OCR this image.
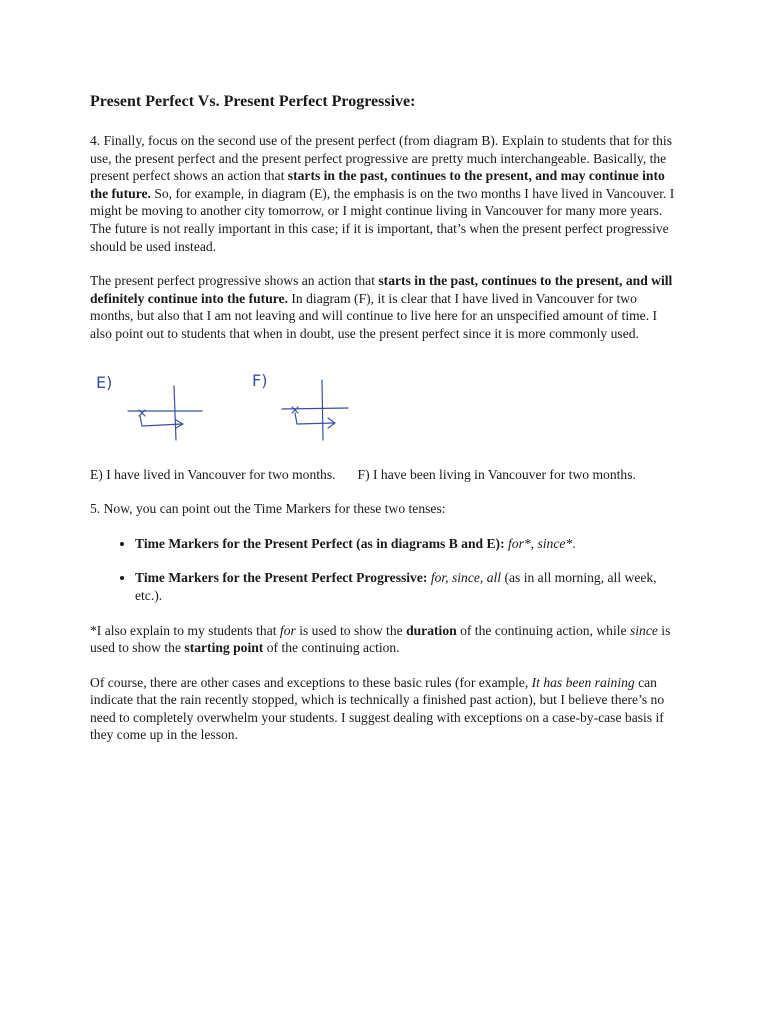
Present Perfect Vs. Present Perfect Progressive:

4. Finally, focus on the second use of the present perfect (from diagram B). Explain to students that for this use, the present perfect and the present perfect progressive are pretty much interchangeable. Basically, the present perfect shows an action that starts in the past, continues to the present, and may continue into the future. So, for example, in diagram (E), the emphasis is on the two months I have lived in Vancouver. I might be moving to another city tomorrow, or I might continue living in Vancouver for many more years. The future is not really important in this case; if it is important, that’s when the present perfect progressive should be used instead.

The present perfect progressive shows an action that starts in the past, continues to the present, and will definitely continue into the future. In diagram (F), it is clear that I have lived in Vancouver for two months, but also that I am not leaving and will continue to live here for an unspecified amount of time. I also point out to students that when in doubt, use the present perfect since it is more commonly used.

E)	F)
E) I have lived in Vancouver for two months. F) I have been living in Vancouver for two months.

5. Now, you can point out the Time Markers for these two tenses:

• Time Markers for the Present Perfect (as in diagrams B and E): for*, since*.
• Time Markers for the Present Perfect Progressive: for, since, all (as in all morning, all week, etc.).

*I also explain to my students that for is used to show the duration of the continuing action, while since is used to show the starting point of the continuing action.

Of course, there are other cases and exceptions to these basic rules (for example, It has been raining can indicate that the rain recently stopped, which is technically a finished past action), but I believe there’s no need to completely overwhelm your students. I suggest dealing with exceptions on a case-by-case basis if they come up in the lesson.
